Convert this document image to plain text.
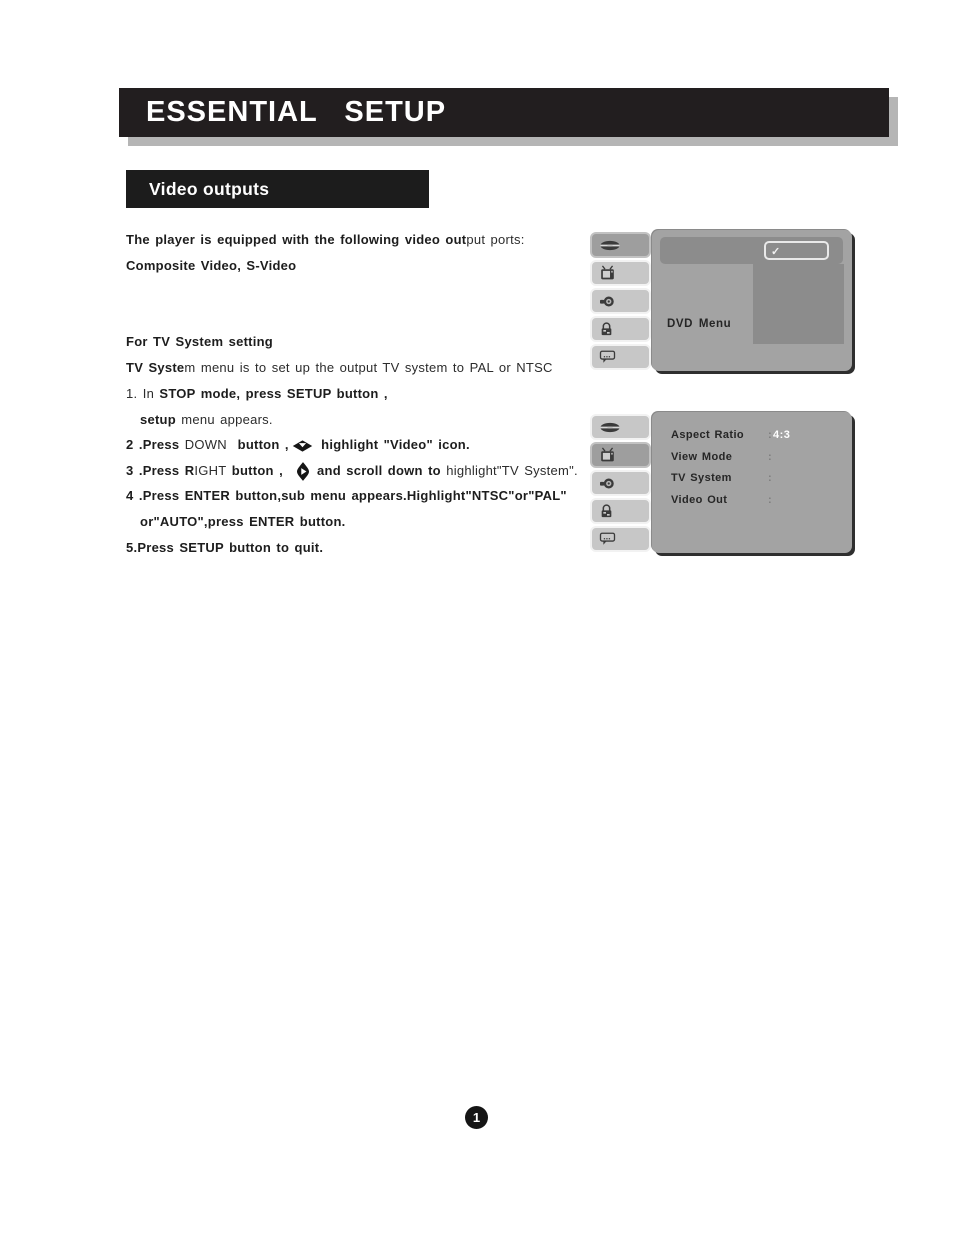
ESSENTIAL   SETUP
Video outputs
The player is equipped with the following video output ports:
Composite Video, S-Video
For TV System setting
TV System menu is to set up the output TV system to PAL or NTSC
1. In STOP mode, press SETUP button ,
setup menu appears.
2 .Press DOWN  button , highlight "Video" icon.
3 .Press RIGHT button ,   and scroll down to highlight"TV System".
4 .Press ENTER button,sub menu appears.Highlight"NTSC"or"PAL"
or"AUTO",press ENTER button.
5.Press SETUP button to quit.
✓
DVD Menu
Aspect Ratio : 4:3
View Mode	:
TV System	:
Video Out	:
1
